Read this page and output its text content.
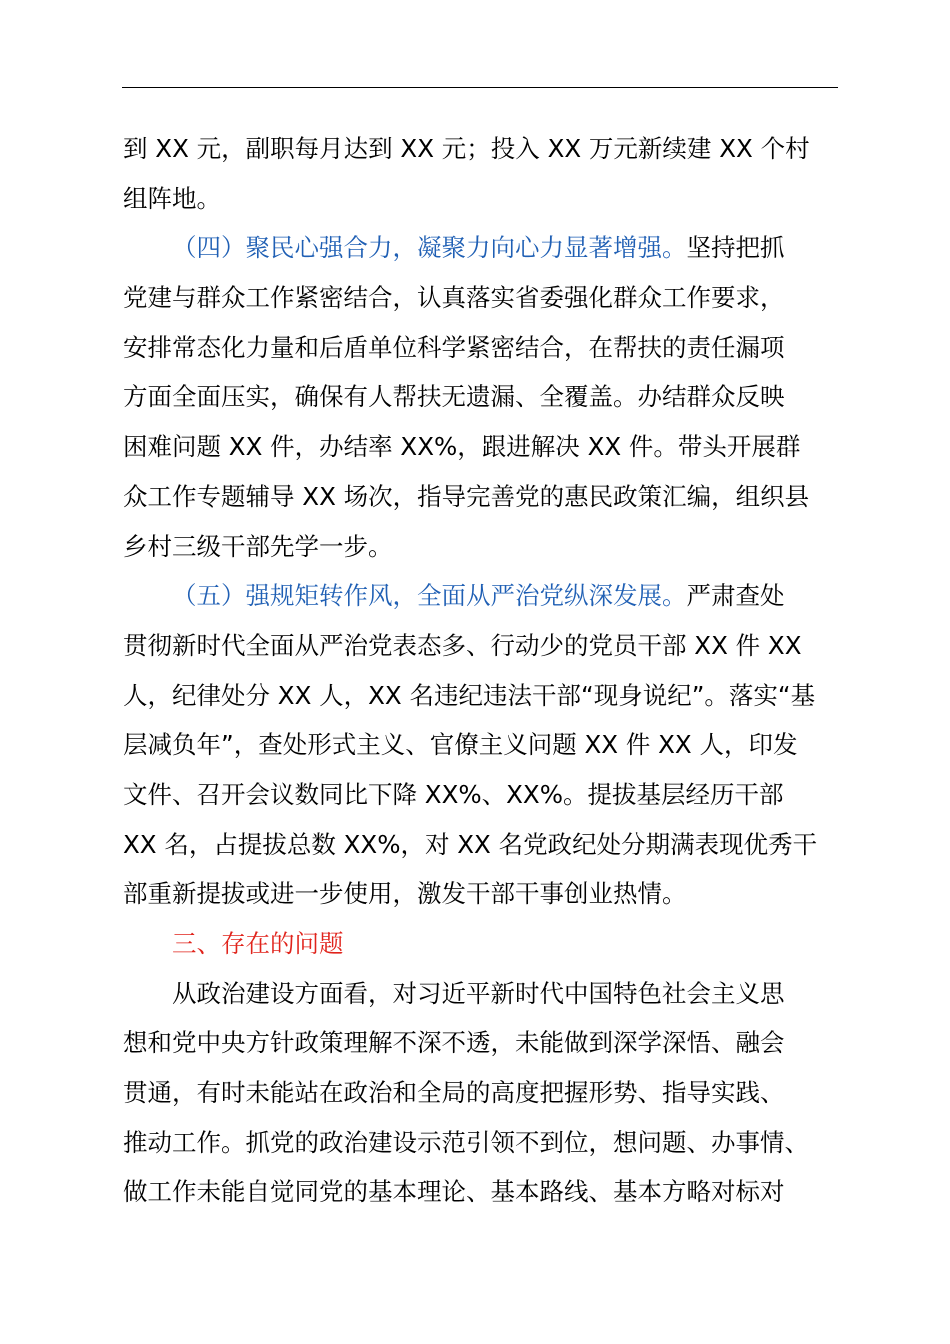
到 XX 元，副职每月达到 XX 元；投入 XX 万元新续建 XX 个村
组阵地。
（四）聚民心强合力，凝聚力向心力显著增强。坚持把抓
党建与群众工作紧密结合，认真落实省委强化群众工作要求，
安排常态化力量和后盾单位科学紧密结合，在帮扶的责任漏项
方面全面压实，确保有人帮扶无遗漏、全覆盖。办结群众反映
困难问题 XX 件，办结率 XX%，跟进解决 XX 件。带头开展群
众工作专题辅导 XX 场次，指导完善党的惠民政策汇编，组织县
乡村三级干部先学一步。
（五）强规矩转作风，全面从严治党纵深发展。严肃查处
贯彻新时代全面从严治党表态多、行动少的党员干部 XX 件 XX
人，纪律处分 XX 人，XX 名违纪违法干部“现身说纪”。落实“基
层减负年”，查处形式主义、官僚主义问题 XX 件 XX 人，印发
文件、召开会议数同比下降 XX%、XX%。提拔基层经历干部
XX 名，占提拔总数 XX%，对 XX 名党政纪处分期满表现优秀干
部重新提拔或进一步使用，激发干部干事创业热情。
三、存在的问题
从政治建设方面看，对习近平新时代中国特色社会主义思
想和党中央方针政策理解不深不透，未能做到深学深悟、融会
贯通，有时未能站在政治和全局的高度把握形势、指导实践、
推动工作。抓党的政治建设示范引领不到位，想问题、办事情、
做工作未能自觉同党的基本理论、基本路线、基本方略对标对
